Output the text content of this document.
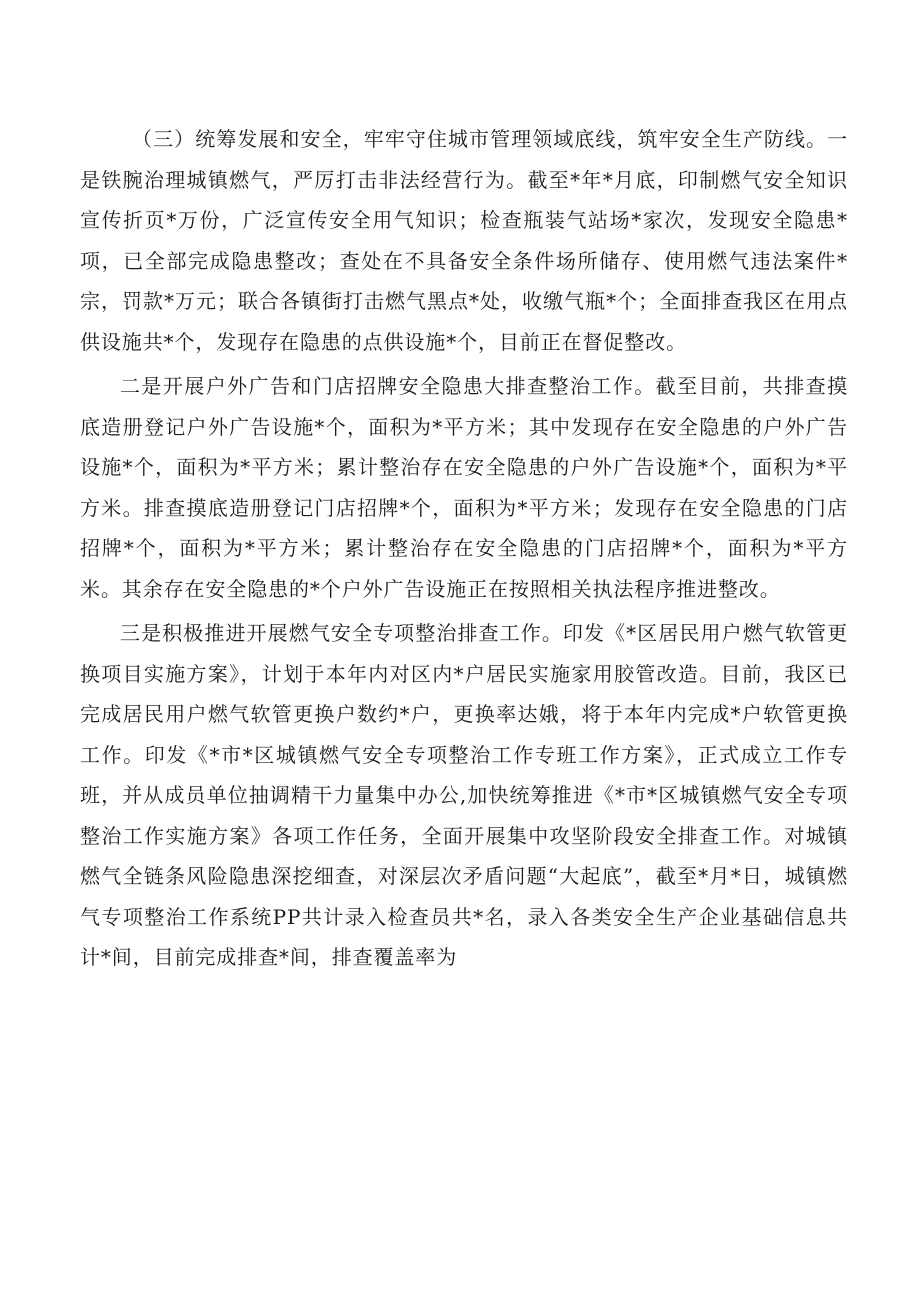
（三）统筹发展和安全，牢牢守住城市管理领域底线，筑牢安全生产防线。一是铁腕治理城镇燃气，严厉打击非法经营行为。截至*年*月底，印制燃气安全知识宣传折页*万份，广泛宣传安全用气知识；检查瓶装气站场*家次，发现安全隐患*项，已全部完成隐患整改；查处在不具备安全条件场所储存、使用燃气违法案件*宗，罚款*万元；联合各镇街打击燃气黑点*处，收缴气瓶*个；全面排查我区在用点供设施共*个，发现存在隐患的点供设施*个，目前正在督促整改。

二是开展户外广告和门店招牌安全隐患大排查整治工作。截至目前，共排查摸底造册登记户外广告设施*个，面积为*平方米；其中发现存在安全隐患的户外广告设施*个，面积为*平方米；累计整治存在安全隐患的户外广告设施*个，面积为*平方米。排查摸底造册登记门店招牌*个，面积为*平方米；发现存在安全隐患的门店招牌*个，面积为*平方米；累计整治存在安全隐患的门店招牌*个，面积为*平方米。其余存在安全隐患的*个户外广告设施正在按照相关执法程序推进整改。

三是积极推进开展燃气安全专项整治排查工作。印发《*区居民用户燃气软管更换项目实施方案》，计划于本年内对区内*户居民实施家用胶管改造。目前，我区已完成居民用户燃气软管更换户数约*户，更换率达娥，将于本年内完成*户软管更换工作。印发《*市*区城镇燃气安全专项整治工作专班工作方案》，正式成立工作专班，并从成员单位抽调精干力量集中办公,加快统筹推进《*市*区城镇燃气安全专项整治工作实施方案》各项工作任务，全面开展集中攻坚阶段安全排查工作。对城镇燃气全链条风险隐患深挖细查，对深层次矛盾问题“大起底”，截至*月*日，城镇燃气专项整治工作系统PP共计录入检查员共*名，录入各类安全生产企业基础信息共计*间，目前完成排查*间，排查覆盖率为
